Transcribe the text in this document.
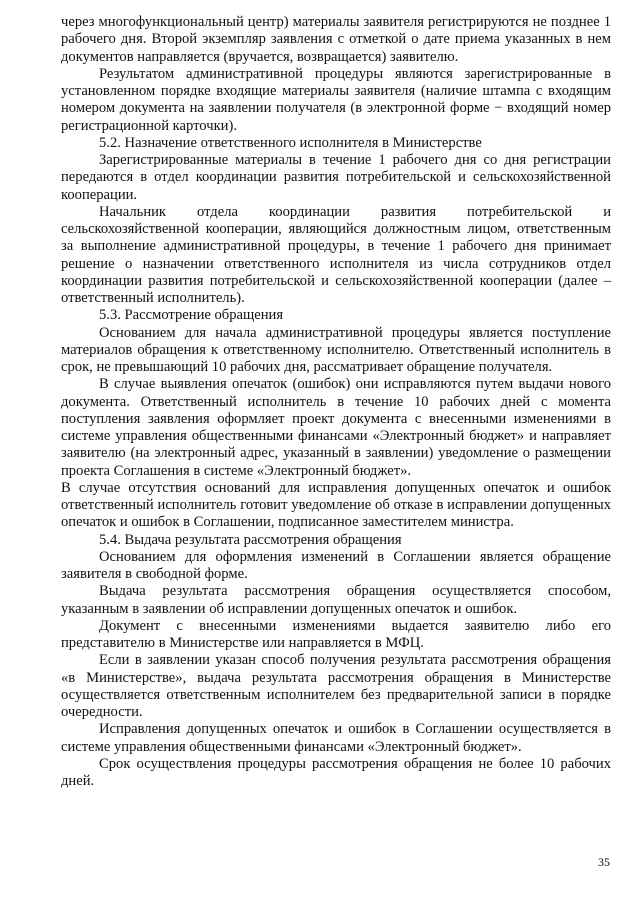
через многофункциональный центр) материалы заявителя регистрируются не позднее 1 рабочего дня. Второй экземпляр заявления с отметкой о дате приема указанных в нем документов направляется (вручается, возвращается) заявителю.

Результатом административной процедуры являются зарегистрированные в установленном порядке входящие материалы заявителя (наличие штампа с входящим номером документа на заявлении получателя (в электронной форме − входящий номер регистрационной карточки).

5.2. Назначение ответственного исполнителя в Министерстве

Зарегистрированные материалы в течение 1 рабочего дня со дня регистрации передаются в отдел координации развития потребительской и сельскохозяйственной кооперации.

Начальник отдела координации развития потребительской и сельскохозяйственной кооперации, являющийся должностным лицом, ответственным за выполнение административной процедуры, в течение 1 рабочего дня принимает решение о назначении ответственного исполнителя из числа сотрудников отдел координации развития потребительской и сельскохозяйственной кооперации (далее – ответственный исполнитель).

5.3. Рассмотрение обращения

Основанием для начала административной процедуры является поступление материалов обращения к ответственному исполнителю. Ответственный исполнитель в срок, не превышающий 10 рабочих дня, рассматривает обращение получателя.

В случае выявления опечаток (ошибок) они исправляются путем выдачи нового документа. Ответственный исполнитель в течение 10 рабочих дней с момента поступления заявления оформляет проект документа с внесенными изменениями в системе управления общественными финансами «Электронный бюджет» и направляет заявителю (на электронный адрес, указанный в заявлении) уведомление о размещении проекта Соглашения в системе «Электронный бюджет».

В случае отсутствия оснований для исправления допущенных опечаток и ошибок ответственный исполнитель готовит уведомление об отказе в исправлении допущенных опечаток и ошибок в Соглашении, подписанное заместителем министра.

5.4. Выдача результата рассмотрения обращения

Основанием для оформления изменений в Соглашении является обращение заявителя в свободной форме.

Выдача результата рассмотрения обращения осуществляется способом, указанным в заявлении об исправлении допущенных опечаток и ошибок.

Документ с внесенными изменениями выдается заявителю либо его представителю в Министерстве или направляется в МФЦ.

Если в заявлении указан способ получения результата рассмотрения обращения «в Министерстве», выдача результата рассмотрения обращения в Министерстве осуществляется ответственным исполнителем без предварительной записи в порядке очередности.

Исправления допущенных опечаток и ошибок в Соглашении осуществляется в системе управления общественными финансами «Электронный бюджет».

Срок осуществления процедуры рассмотрения обращения не более 10 рабочих дней.

35
